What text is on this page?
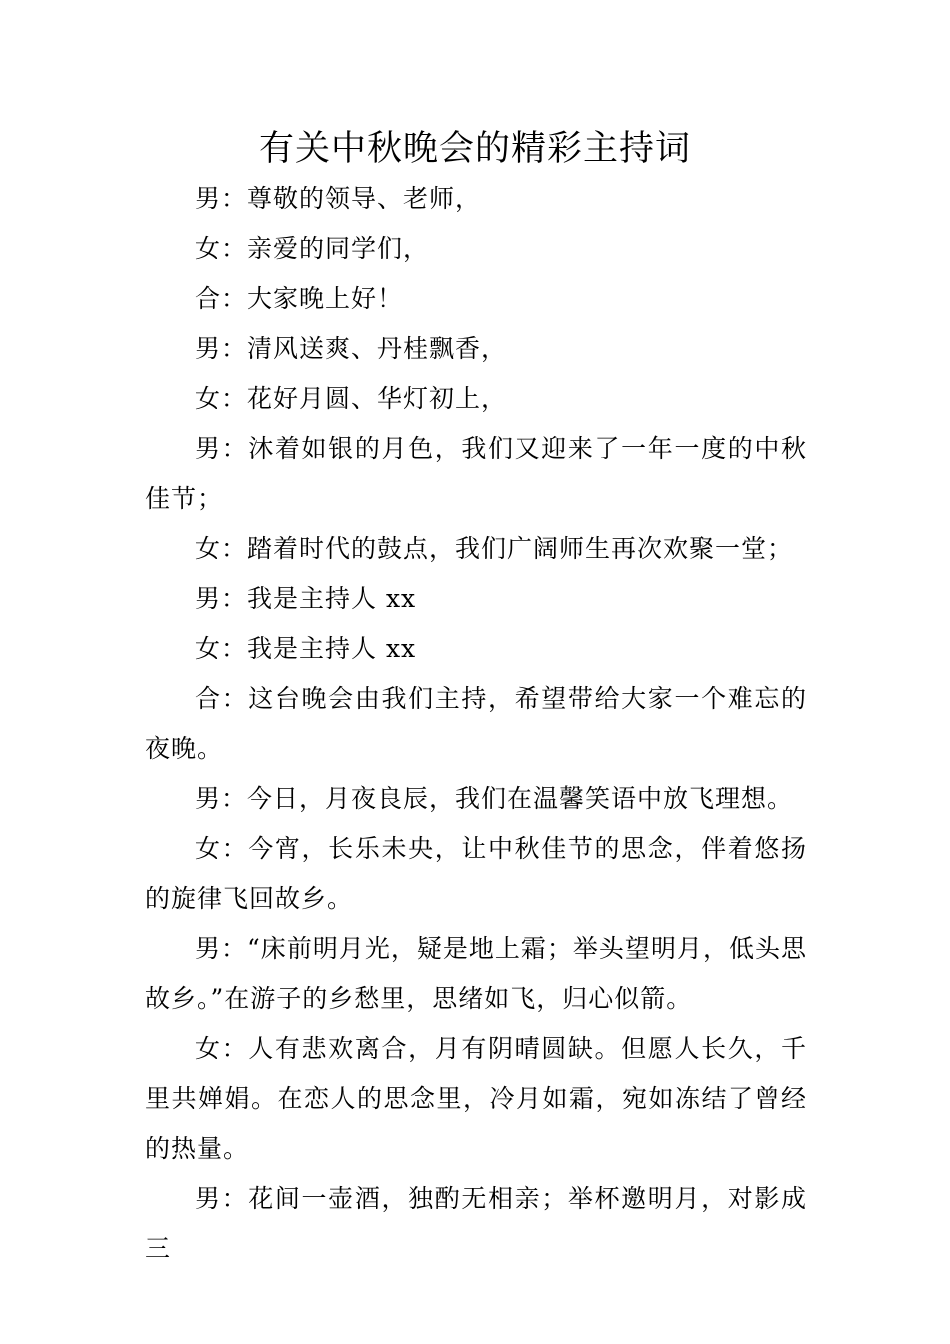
有关中秋晚会的精彩主持词

男：尊敬的领导、老师，

女：亲爱的同学们，

合：大家晚上好！

男：清风送爽、丹桂飘香，

女：花好月圆、华灯初上，

男：沐着如银的月色，我们又迎来了一年一度的中秋佳节；

女：踏着时代的鼓点，我们广阔师生再次欢聚一堂；

男：我是主持人 xx

女：我是主持人 xx

合：这台晚会由我们主持，希望带给大家一个难忘的夜晚。

男：今日，月夜良辰，我们在温馨笑语中放飞理想。

女：今宵，长乐未央，让中秋佳节的思念，伴着悠扬的旋律飞回故乡。

男：“床前明月光，疑是地上霜；举头望明月，低头思故乡。”在游子的乡愁里，思绪如飞，归心似箭。

女：人有悲欢离合，月有阴晴圆缺。但愿人长久，千里共婵娟。在恋人的思念里，冷月如霜，宛如冻结了曾经的热量。

男：花间一壶酒，独酌无相亲；举杯邀明月，对影成三
